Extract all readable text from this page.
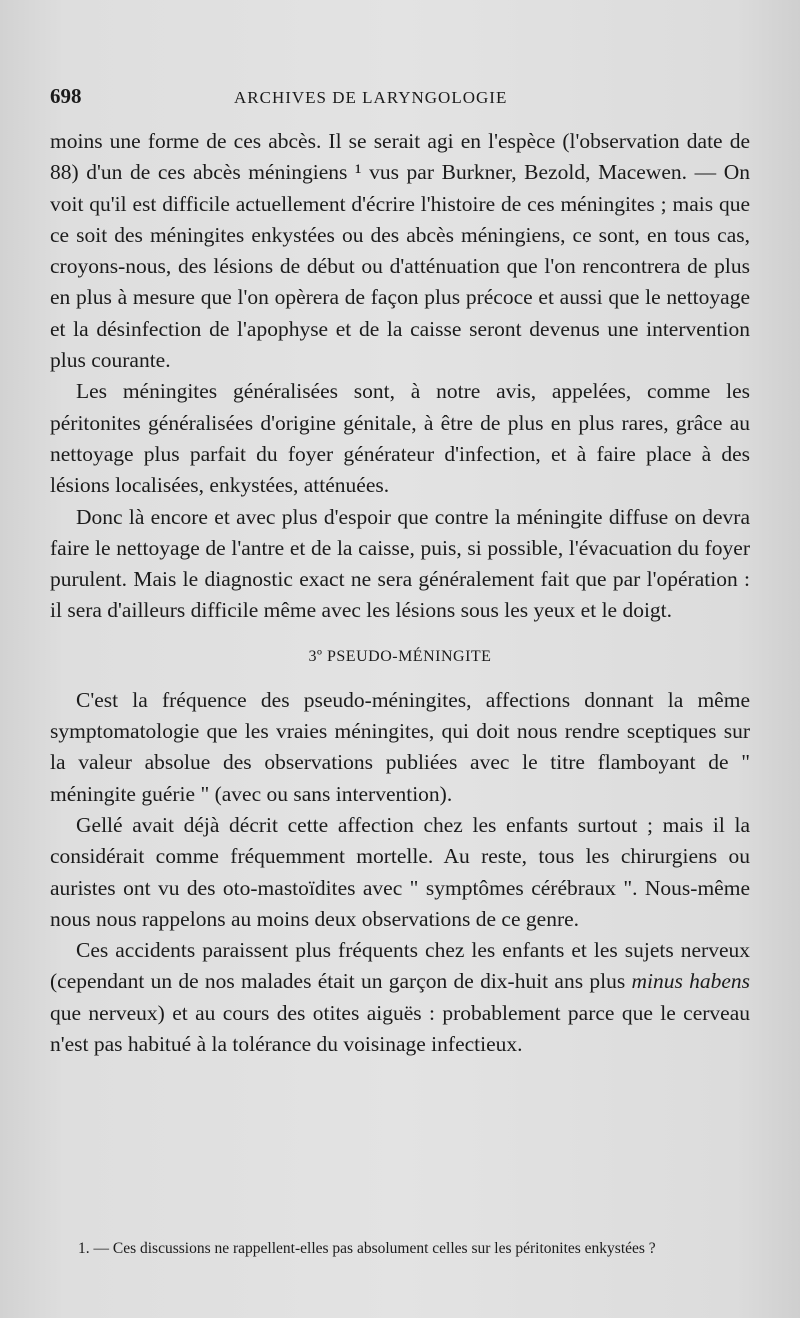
698	ARCHIVES DE LARYNGOLOGIE

moins une forme de ces abcès. Il se serait agi en l'espèce (l'observation date de 88) d'un de ces abcès méningiens ¹ vus par Burkner, Bezold, Macewen. — On voit qu'il est difficile actuellement d'écrire l'histoire de ces méningites ; mais que ce soit des méningites enkystées ou des abcès méningiens, ce sont, en tous cas, croyons-nous, des lésions de début ou d'atténuation que l'on rencontrera de plus en plus à mesure que l'on opèrera de façon plus précoce et aussi que le nettoyage et la désinfection de l'apophyse et de la caisse seront devenus une intervention plus courante.

Les méningites généralisées sont, à notre avis, appelées, comme les péritonites généralisées d'origine génitale, à être de plus en plus rares, grâce au nettoyage plus parfait du foyer générateur d'infection, et à faire place à des lésions localisées, enkystées, atténuées.

Donc là encore et avec plus d'espoir que contre la méningite diffuse on devra faire le nettoyage de l'antre et de la caisse, puis, si possible, l'évacuation du foyer purulent. Mais le diagnostic exact ne sera généralement fait que par l'opération : il sera d'ailleurs difficile même avec les lésions sous les yeux et le doigt.

3º PSEUDO-MÉNINGITE

C'est la fréquence des pseudo-méningites, affections donnant la même symptomatologie que les vraies méningites, qui doit nous rendre sceptiques sur la valeur absolue des observations publiées avec le titre flamboyant de " méningite guérie " (avec ou sans intervention).

Gellé avait déjà décrit cette affection chez les enfants surtout ; mais il la considérait comme fréquemment mortelle. Au reste, tous les chirurgiens ou auristes ont vu des oto-mastoïdites avec " symptômes cérébraux ". Nous-même nous nous rappelons au moins deux observations de ce genre.

Ces accidents paraissent plus fréquents chez les enfants et les sujets nerveux (cependant un de nos malades était un garçon de dix-huit ans plus minus habens que nerveux) et au cours des otites aiguës : probablement parce que le cerveau n'est pas habitué à la tolérance du voisinage infectieux.

1. — Ces discussions ne rappellent-elles pas absolument celles sur les péritonites enkystées ?
